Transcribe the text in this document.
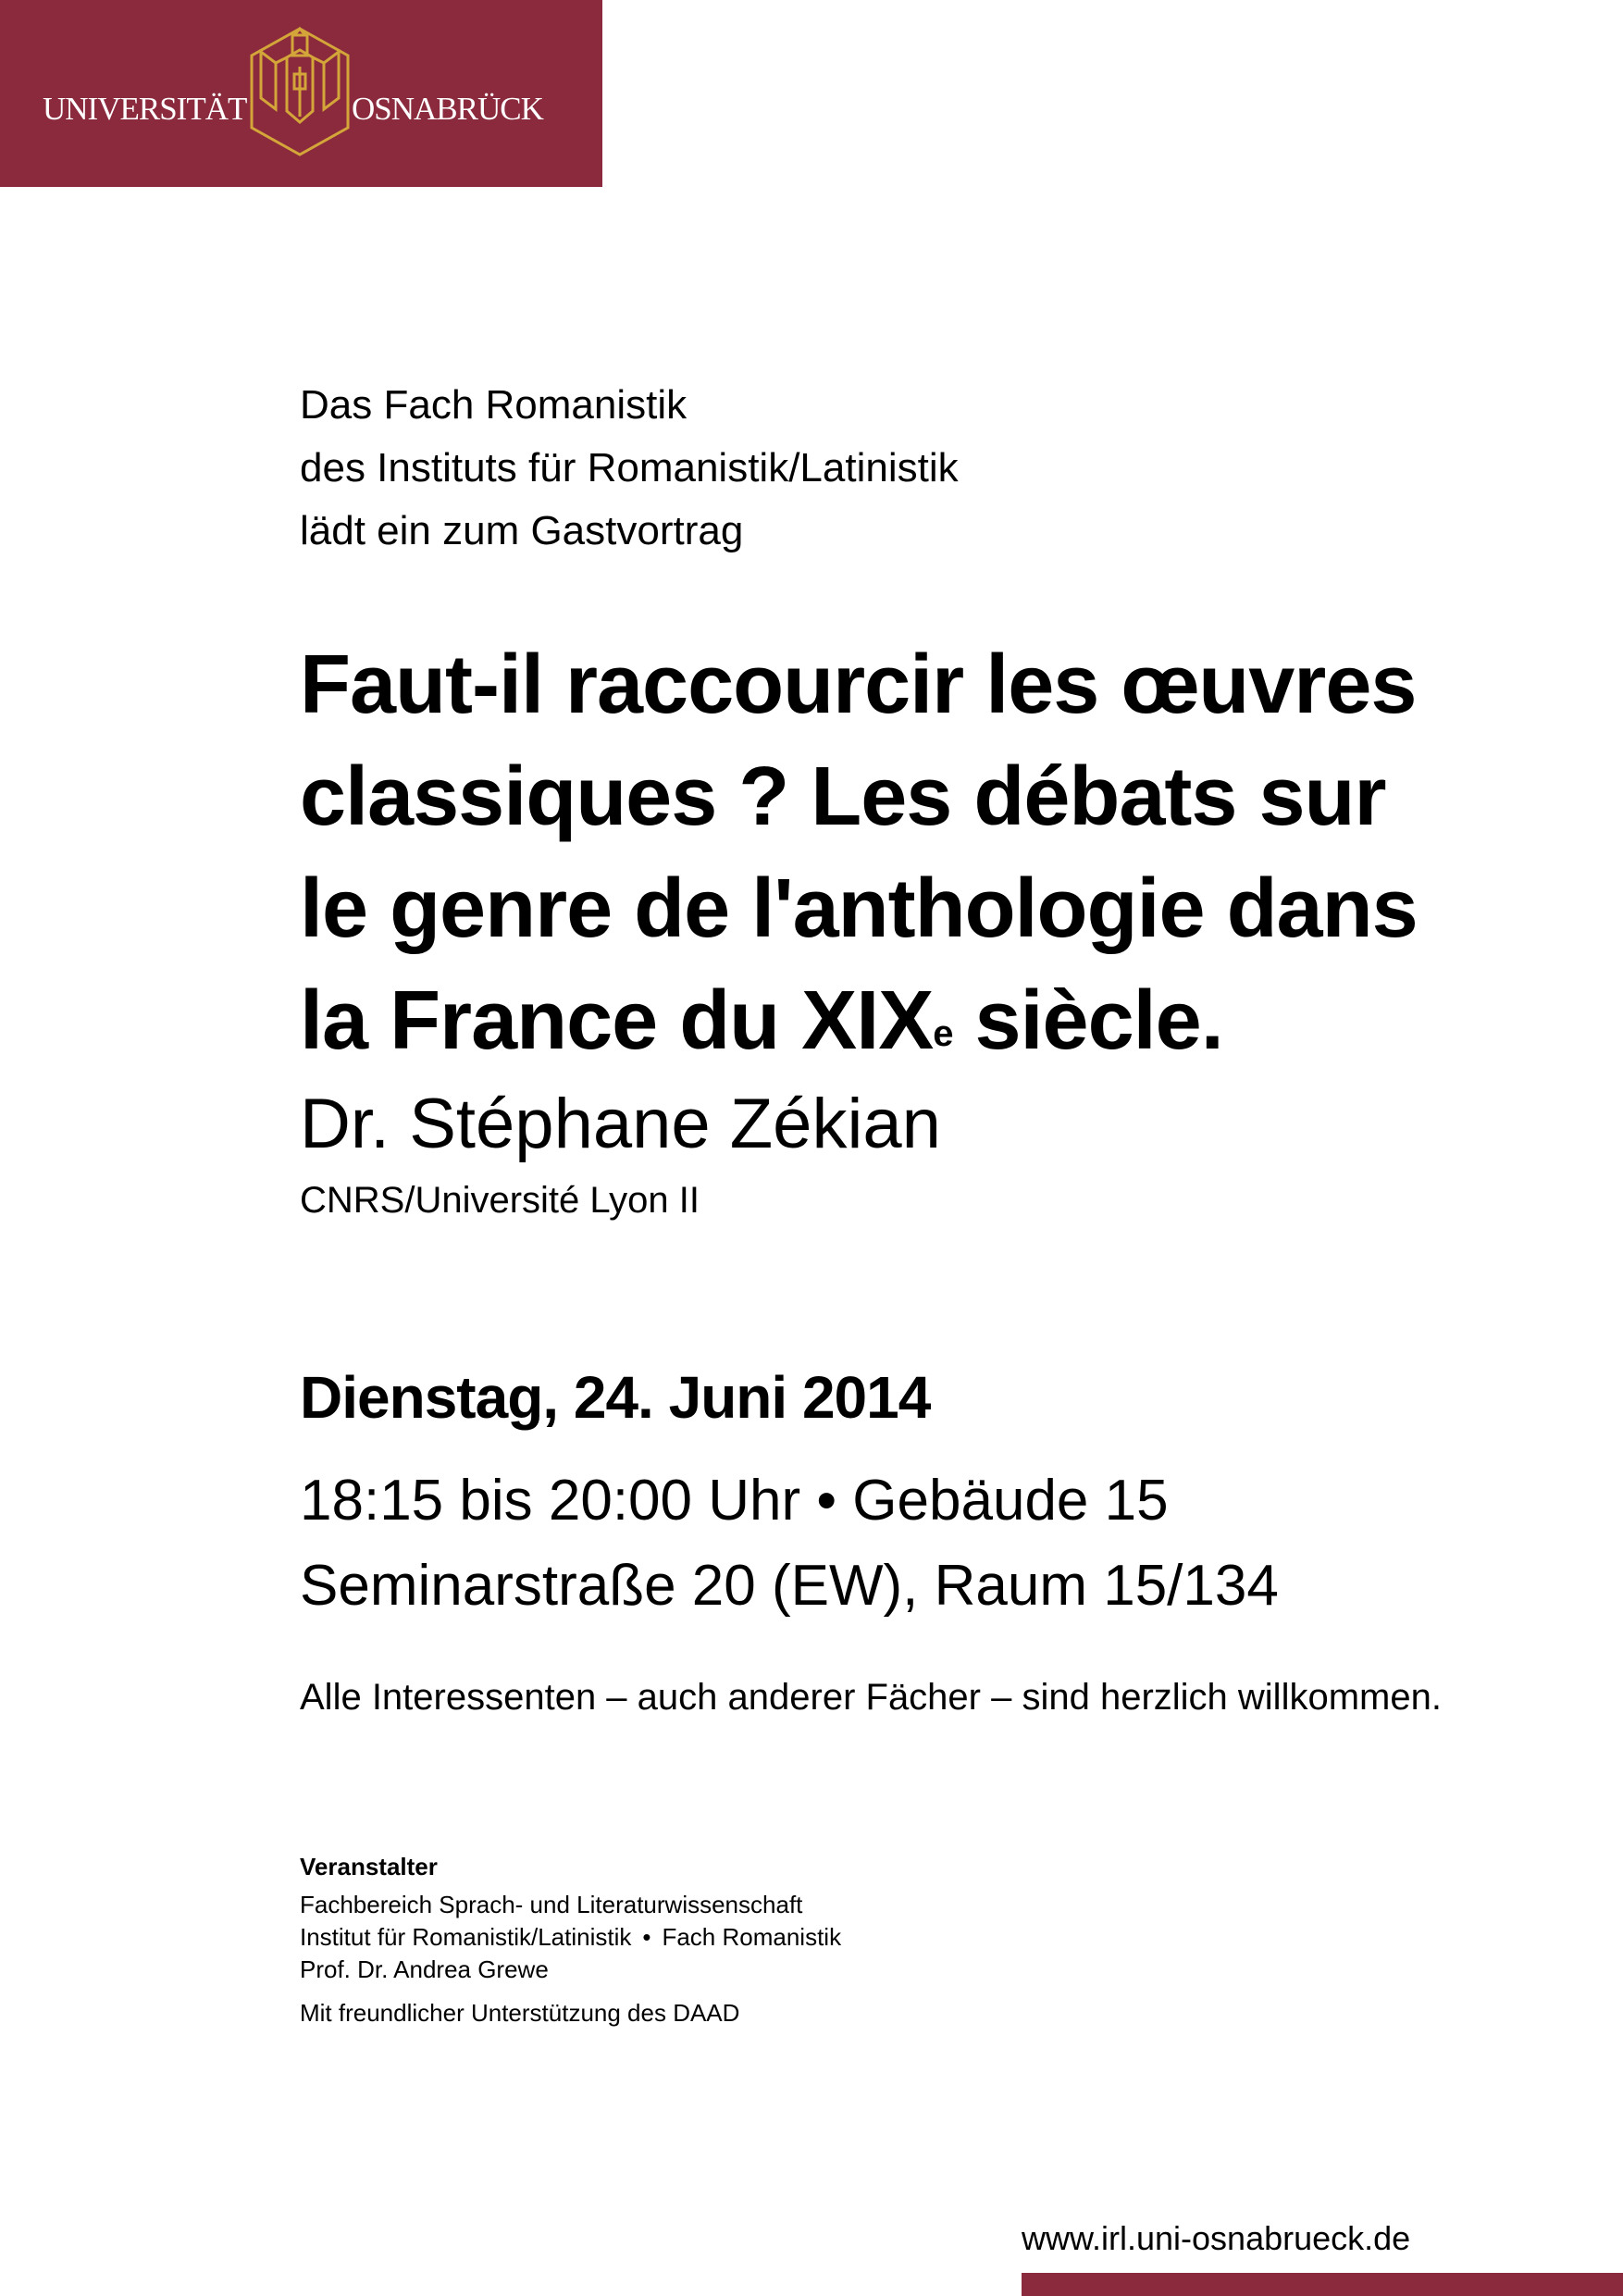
UNIVERSITÄT	OSNABRÜCK
Das Fach Romanistik
des Instituts für Romanistik/Latinistik
lädt ein zum Gastvortrag
Faut-il raccourcir les œuvres
classiques ? Les débats sur
le genre de l'anthologie dans
la France du XIXe siècle.
Dr. Stéphane Zékian
CNRS/Université Lyon II
Dienstag, 24. Juni 2014
18:15 bis 20:00 Uhr • Gebäude 15
Seminarstraße 20 (EW), Raum 15/134
Alle Interessenten – auch anderer Fächer – sind herzlich willkommen.
Veranstalter
Fachbereich Sprach- und Literaturwissenschaft
Institut für Romanistik/Latinistik • Fach Romanistik
Prof. Dr. Andrea Grewe
Mit freundlicher Unterstützung des DAAD
www.irl.uni-osnabrueck.de
